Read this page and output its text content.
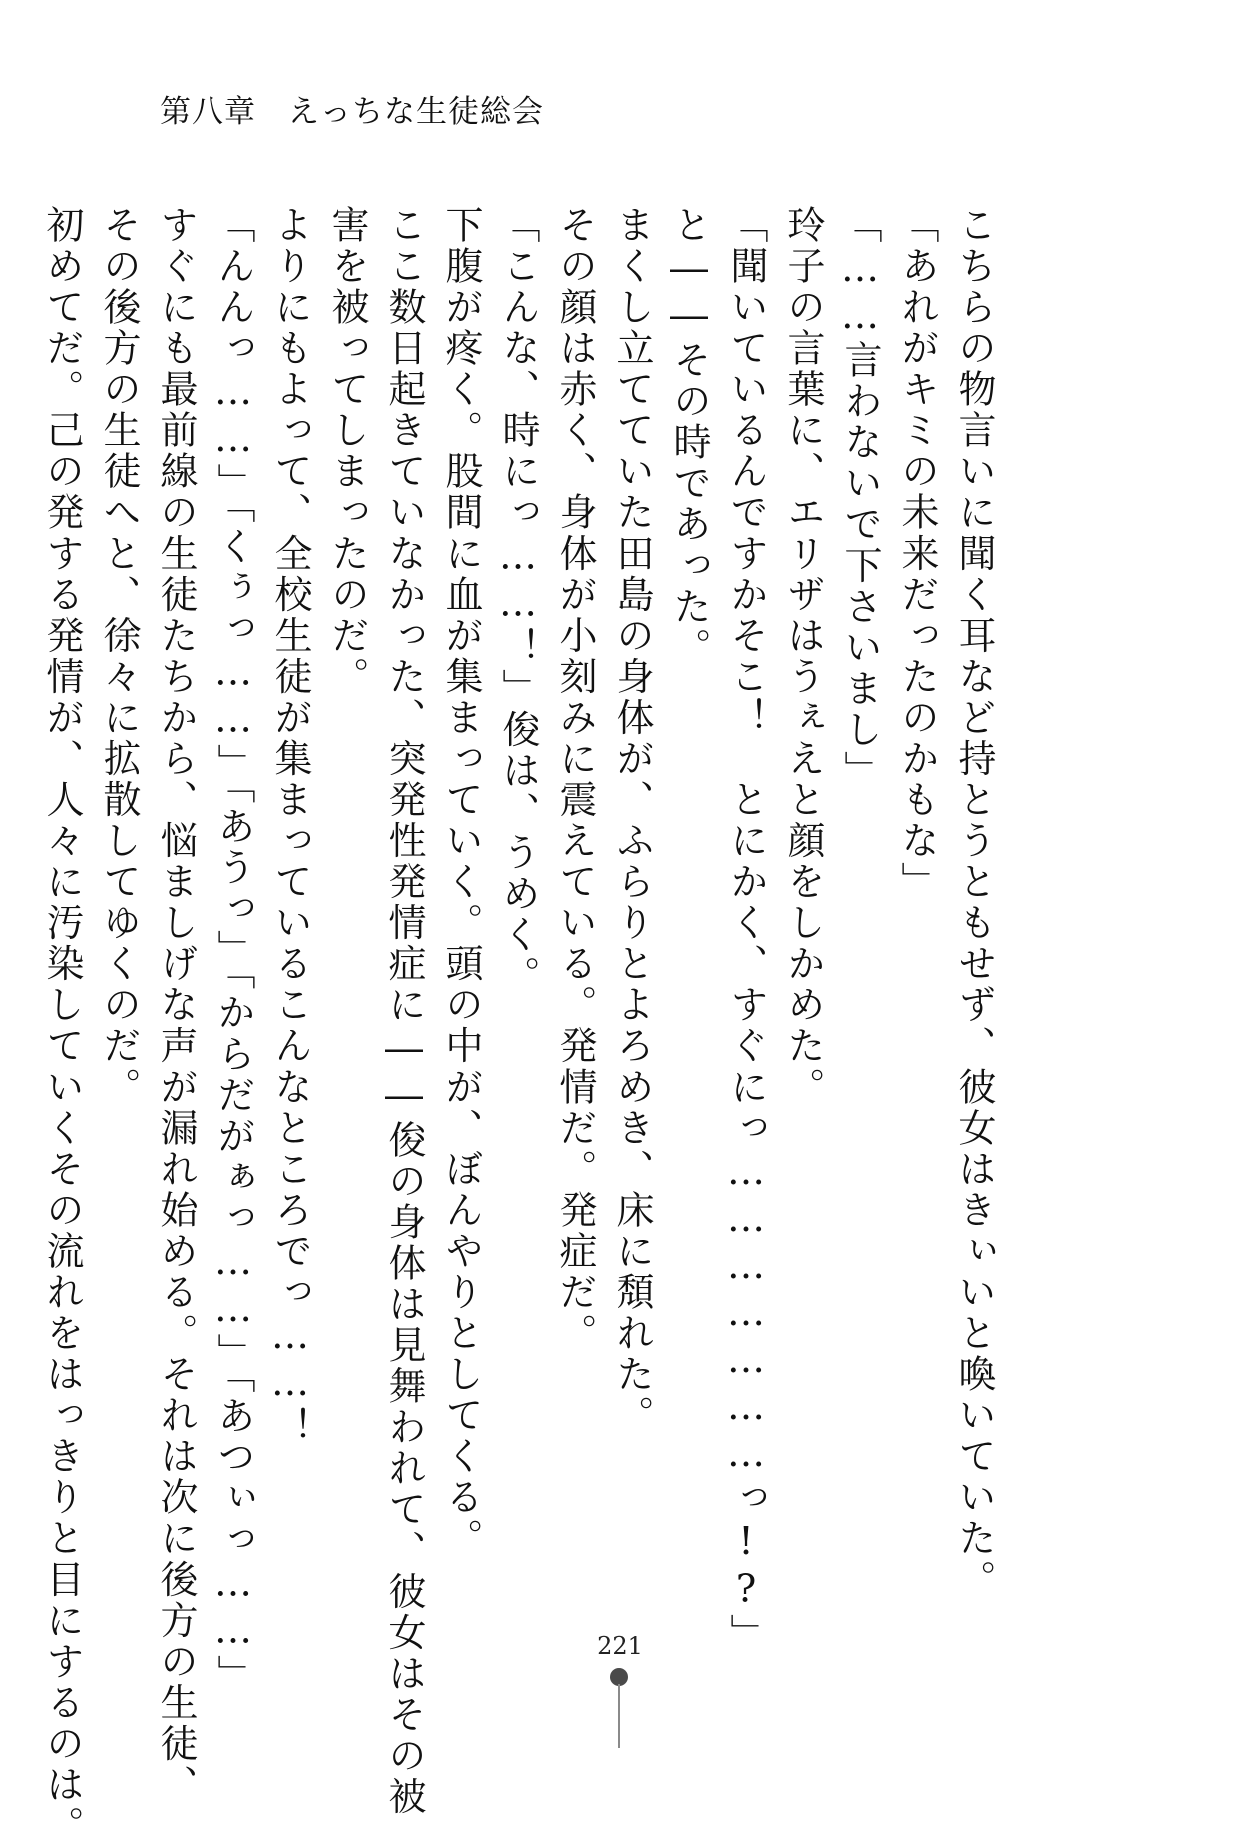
第八章　えっちな生徒総会
こちらの物言いに聞く耳など持とうともせず、彼女はきぃいと喚いていた。
「あれがキミの未来だったのかもな」
「……言わないで下さいまし」
玲子の言葉に、エリザはうぇえと顔をしかめた。
「聞いているんですかそこ！　とにかく、すぐにっ…………………っ!?」
と――その時であった。
まくし立てていた田島の身体が、ふらりとよろめき、床に頽れた。
その顔は赤く、身体が小刻みに震えている。発情だ。発症だ。
「こんな、時にっ……！」俊は、うめく。
下腹が疼く。股間に血が集まっていく。頭の中が、ぼんやりとしてくる。
ここ数日起きていなかった、突発性発情症に――俊の身体は見舞われて、彼女はその被
害を被ってしまったのだ。
よりにもよって、全校生徒が集まっているこんなところでっ……！
「んんっ……」「くぅっ……」「あうっ」「からだがぁっ……」「あつぃっ……」
すぐにも最前線の生徒たちから、悩ましげな声が漏れ始める。それは次に後方の生徒、
その後方の生徒へと、徐々に拡散してゆくのだ。
初めてだ。己の発する発情が、人々に汚染していくその流れをはっきりと目にするのは。	221
